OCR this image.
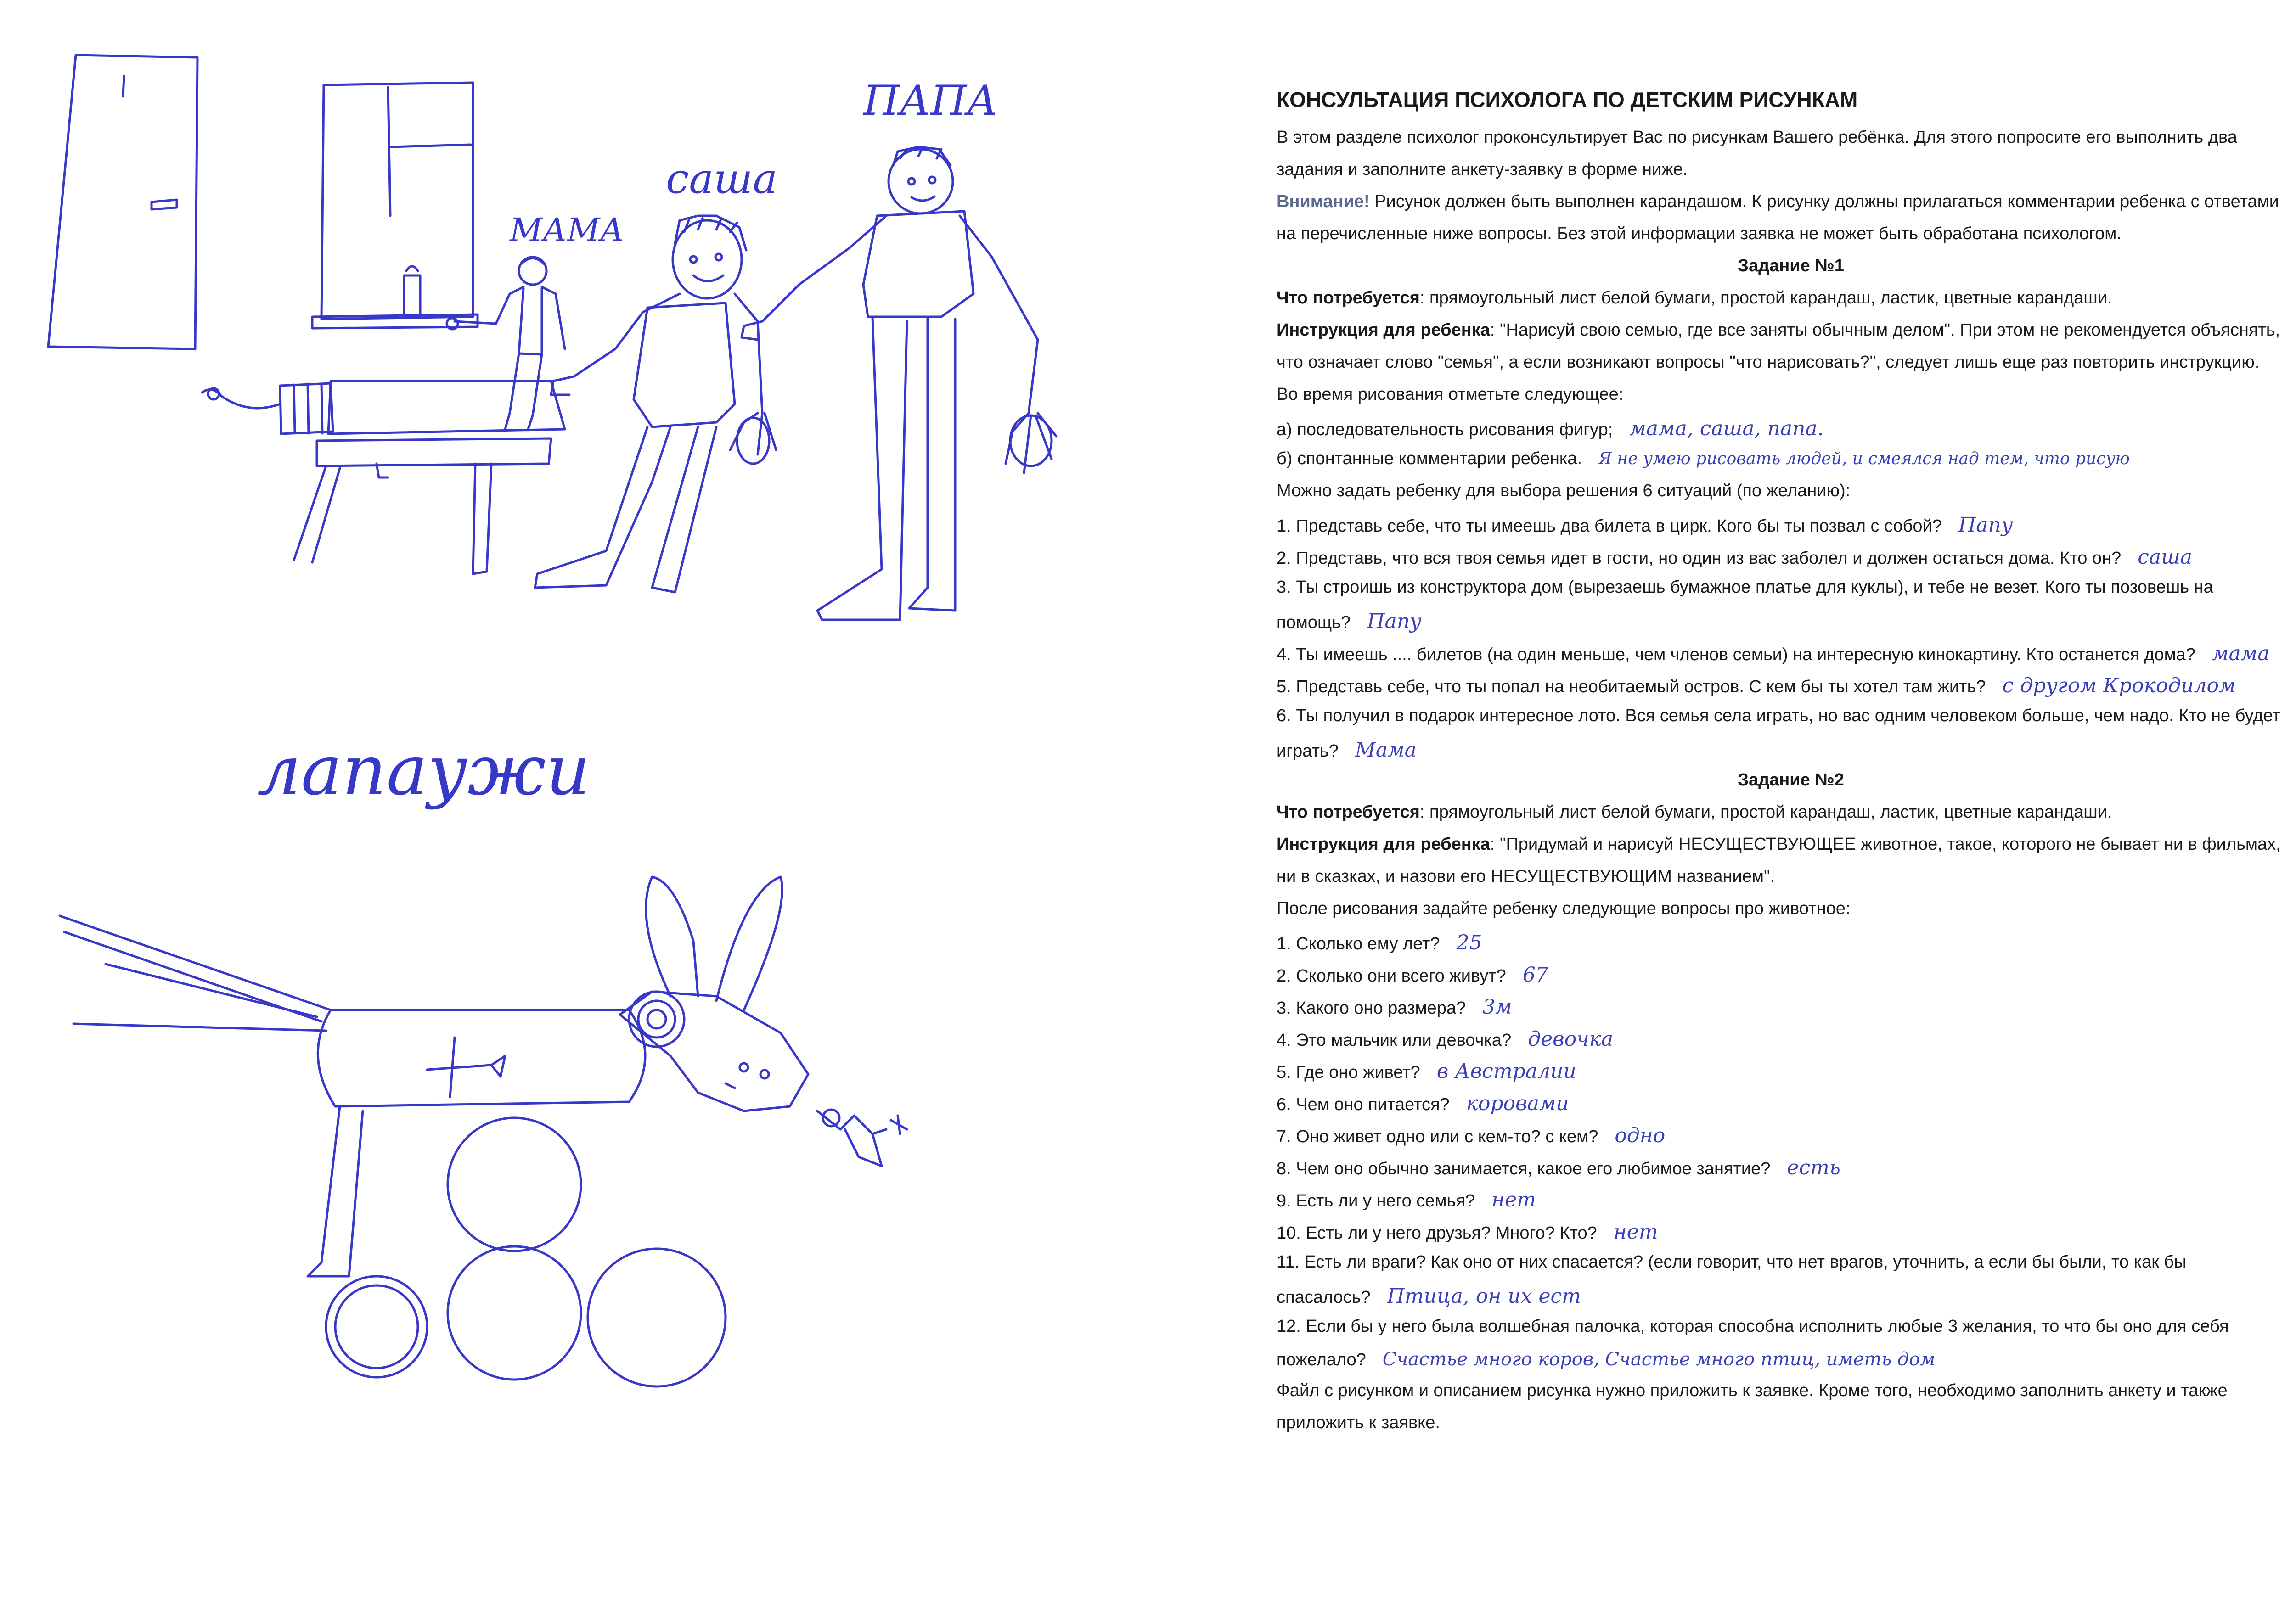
ПАПА
саша
МАМА
лапаужи
КОНСУЛЬТАЦИЯ ПСИХОЛОГА ПО ДЕТСКИМ РИСУНКАМ
В этом разделе психолог проконсультирует Вас по рисункам Вашего ребёнка. Для этого попросите его выполнить два
задания и заполните анкету-заявку в форме ниже.
Внимание! Рисунок должен быть выполнен карандашом. К рисунку должны прилагаться комментарии ребенка с ответами
на перечисленные ниже вопросы. Без этой информации заявка не может быть обработана психологом.
Задание №1
Что потребуется: прямоугольный лист белой бумаги, простой карандаш, ластик, цветные карандаши.
Инструкция для ребенка: "Нарисуй свою семью, где все заняты обычным делом". При этом не рекомендуется объяснять,
что означает слово "семья", а если возникают вопросы "что нарисовать?", следует лишь еще раз повторить инструкцию.
Во время рисования отметьте следующее:
а) последовательность рисования фигур; мама, саша, папа.
б) спонтанные комментарии ребенка. Я не умею рисовать людей, и смеялся над тем, что рисую
Можно задать ребенку для выбора решения 6 ситуаций (по желанию):
1. Представь себе, что ты имеешь два билета в цирк. Кого бы ты позвал с собой? Папу
2. Представь, что вся твоя семья идет в гости, но один из вас заболел и должен остаться дома. Кто он? саша
3. Ты строишь из конструктора дом (вырезаешь бумажное платье для куклы), и тебе не везет. Кого ты позовешь на
помощь? Папу
4. Ты имеешь .... билетов (на один меньше, чем членов семьи) на интересную кинокартину. Кто останется дома? мама
5. Представь себе, что ты попал на необитаемый остров. С кем бы ты хотел там жить? с другом Крокодилом
6. Ты получил в подарок интересное лото. Вся семья села играть, но вас одним человеком больше, чем надо. Кто не будет
играть? Мама
Задание №2
Что потребуется: прямоугольный лист белой бумаги, простой карандаш, ластик, цветные карандаши.
Инструкция для ребенка: "Придумай и нарисуй НЕСУЩЕСТВУЮЩЕЕ животное, такое, которого не бывает ни в фильмах,
ни в сказках, и назови его НЕСУЩЕСТВУЮЩИМ названием".
После рисования задайте ребенку следующие вопросы про животное:
1. Сколько ему лет? 25
2. Сколько они всего живут? 67
3. Какого оно размера? 3м
4. Это мальчик или девочка? девочка
5. Где оно живет? в Австралии
6. Чем оно питается? коровами
7. Оно живет одно или с кем-то? с кем? одно
8. Чем оно обычно занимается, какое его любимое занятие? есть
9. Есть ли у него семья? нет
10. Есть ли у него друзья? Много? Кто? нет
11. Есть ли враги? Как оно от них спасается? (если говорит, что нет врагов, уточнить, а если бы были, то как бы
спасалось? Птица, он их ест
12. Если бы у него была волшебная палочка, которая способна исполнить любые 3 желания, то что бы оно для себя
пожелало? Счастье много коров, Счастье много птиц, иметь дом
Файл с рисунком и описанием рисунка нужно приложить к заявке. Кроме того, необходимо заполнить анкету и также
приложить к заявке.
